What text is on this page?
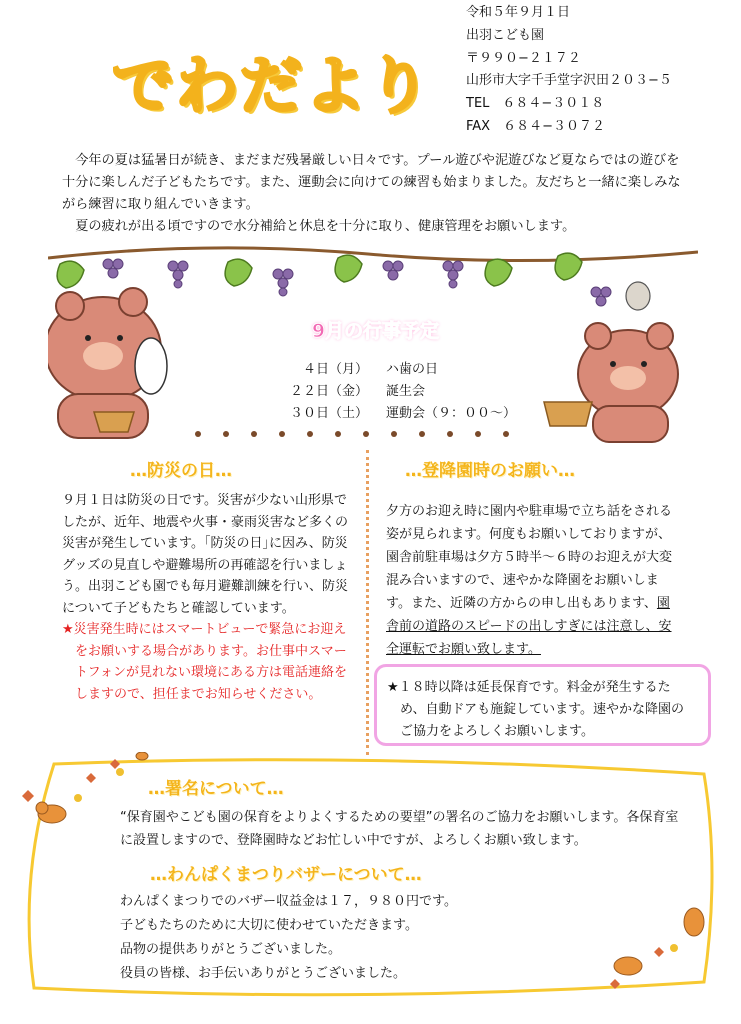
でわだより
令和５年９月１日
出羽こども園
〒９９０−２１７２
山形市大字千手堂字沢田２０３−５
TEL　６８４−３０１８
FAX　６８４−３０７２

今年の夏は猛暑日が続き、まだまだ残暑厳しい日々です。プール遊びや泥遊びなど夏ならではの遊びを十分に楽しんだ子どもたちです。また、運動会に向けての練習も始まりました。友だちと一緒に楽しみながら練習に取り組んでいきます。

夏の疲れが出る頃ですので水分補給と休息を十分に取り、健康管理をお願いします。

9月の行事予定
４日（月）	ハ歯の日
２２日（金）	誕生会
３０日（土）	運動会（９：００〜）
…防災の日…
９月１日は防災の日です。災害が少ない山形県でしたが、近年、地震や火事・豪雨災害など多くの災害が発生しています。｢防災の日｣に因み、防災グッズの見直しや避難場所の再確認を行いましょう。出羽こども園でも毎月避難訓練を行い、防災について子どもたちと確認しています。
★災害発生時にはスマートビューで緊急にお迎えをお願いする場合があります。お仕事中スマートフォンが見れない環境にある方は電話連絡をしますので、担任までお知らせください。
…登降園時のお願い…
夕方のお迎え時に園内や駐車場で立ち話をされる姿が見られます。何度もお願いしておりますが、園舎前駐車場は夕方５時半〜６時のお迎えが大変混み合いますので、速やかな降園をお願いします。また、近隣の方からの申し出もあります、園舎前の道路のスピードの出しすぎには注意し、安全運転でお願い致します。
★１８時以降は延長保育です。料金が発生するため、自動ドアも施錠しています。速やかな降園のご協力をよろしくお願いします。
…署名について…
“保育園やこども園の保育をよりよくするための要望”の署名のご協力をお願いします。各保育室に設置しますので、登降園時などお忙しい中ですが、よろしくお願い致します。
…わんぱくまつりバザーについて…
わんぱくまつりでのバザー収益金は１７，９８０円です。
子どもたちのために大切に使わせていただきます。
品物の提供ありがとうございました。
役員の皆様、お手伝いありがとうございました。
